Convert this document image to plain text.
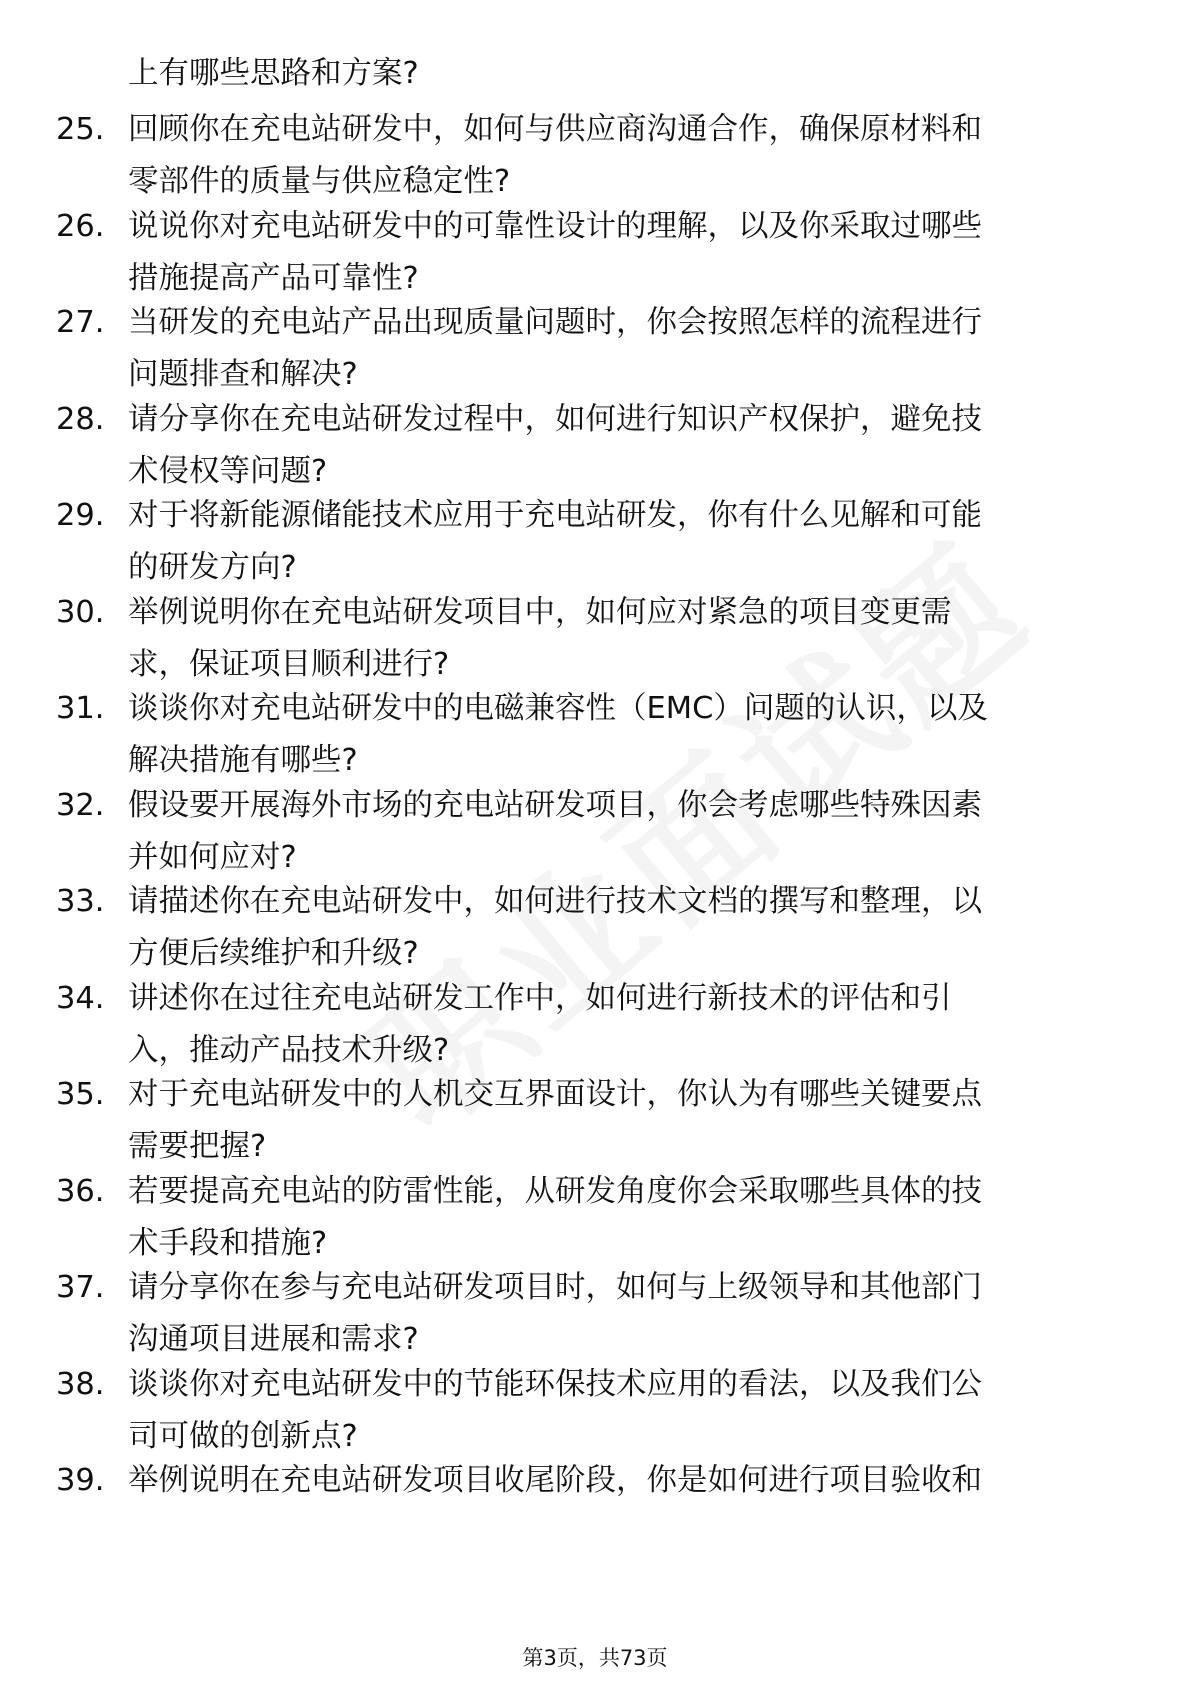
上有哪些思路和方案?
25. 回顾你在充电站研发中，如何与供应商沟通合作，确保原材料和
零部件的质量与供应稳定性?
26. 说说你对充电站研发中的可靠性设计的理解，以及你采取过哪些
措施提高产品可靠性?
27. 当研发的充电站产品出现质量问题时，你会按照怎样的流程进行
问题排查和解决?
28. 请分享你在充电站研发过程中，如何进行知识产权保护，避免技
术侵权等问题?
29. 对于将新能源储能技术应用于充电站研发，你有什么见解和可能
的研发方向?
30. 举例说明你在充电站研发项目中，如何应对紧急的项目变更需
求，保证项目顺利进行?
31. 谈谈你对充电站研发中的电磁兼容性（EMC）问题的认识，以及
解决措施有哪些?
32. 假设要开展海外市场的充电站研发项目，你会考虑哪些特殊因素
并如何应对?
33. 请描述你在充电站研发中，如何进行技术文档的撰写和整理，以
方便后续维护和升级?
34. 讲述你在过往充电站研发工作中，如何进行新技术的评估和引
入，推动产品技术升级?
35. 对于充电站研发中的人机交互界面设计，你认为有哪些关键要点
需要把握?
36. 若要提高充电站的防雷性能，从研发角度你会采取哪些具体的技
术手段和措施?
37. 请分享你在参与充电站研发项目时，如何与上级领导和其他部门
沟通项目进展和需求?
38. 谈谈你对充电站研发中的节能环保技术应用的看法，以及我们公
司可做的创新点?
39. 举例说明在充电站研发项目收尾阶段，你是如何进行项目验收和
第3页，共73页
